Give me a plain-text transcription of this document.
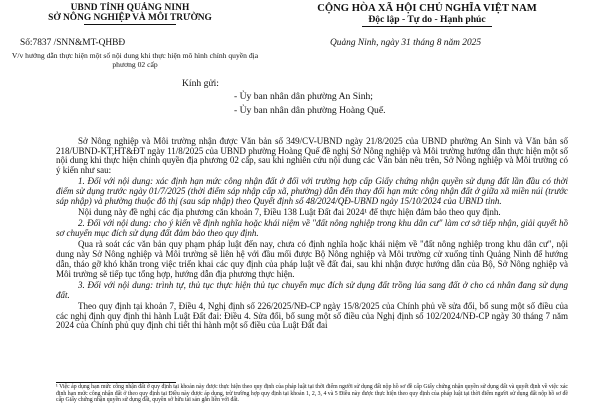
UBND TỈNH QUẢNG NINH
SỞ NÔNG NGHIỆP VÀ MÔI TRƯỜNG
CỘNG HÒA XÃ HỘI CHỦ NGHĨA VIỆT NAM
Độc lập - Tự do - Hạnh phúc
Số:7837 /SNN&MT-QHBĐ
V/v hướng dẫn thực hiện một số nội dung khi thực hiện mô hình chính quyền địa phương 02 cấp
Quảng Ninh, ngày 31 tháng 8 năm 2025
Kính gửi:
- Ủy ban nhân dân phường An Sinh;
- Ủy ban nhân dân phường Hoàng Quế.

Sở Nông nghiệp và Môi trường nhận được Văn bản số 349/CV-UBND ngày 21/8/2025 của UBND phường An Sinh và Văn bản số 218/UBND-KT,HT&ĐT ngày 11/8/2025 của UBND phường Hoàng Quế đề nghị Sở Nông nghiệp và Môi trường hướng dẫn thực hiện một số nội dung khi thực hiện chính quyền địa phương 02 cấp, sau khi nghiên cứu nội dung các Văn bản nêu trên, Sở Nông nghiệp và Môi trường có ý kiến như sau:

1. Đối với nội dung: xác định hạn mức công nhận đất ở đối với trường hợp cấp Giấy chứng nhận quyền sử dụng đất lần đầu có thời điểm sử dụng trước ngày 01/7/2025 (thời điểm sáp nhập cấp xã, phường) dẫn đến thay đổi hạn mức công nhận đất ở giữa xã miền núi (trước sáp nhập) và phường thuộc đô thị (sau sáp nhập) theo Quyết định số 48/2024/QĐ-UBND ngày 15/10/2024 của UBND tỉnh.

Nội dung này đề nghị các địa phương căn khoản 7, Điều 138 Luật Đất đai 2024¹ để thực hiện đảm bảo theo quy định.

2. Đối với nội dung: cho ý kiến về định nghĩa hoặc khái niệm về "đất nông nghiệp trong khu dân cư" làm cơ sở tiếp nhận, giải quyết hồ sơ chuyển mục đích sử dụng đất đảm bảo theo quy định.

Qua rà soát các văn bản quy phạm pháp luật đến nay, chưa có định nghĩa hoặc khái niệm về "đất nông nghiệp trong khu dân cư", nội dung này Sở Nông nghiệp và Môi trường sẽ liên hệ với đầu mối được Bộ Nông nghiệp và Môi trường cử xuống tỉnh Quảng Ninh để hướng dẫn, tháo gỡ khó khăn trong việc triển khai các quy định của pháp luật về đất đai, sau khi nhận được hướng dẫn của Bộ, Sở Nông nghiệp và Môi trường sẽ tiếp tục tổng hợp, hướng dẫn địa phương thực hiện.

3. Đối với nội dung: trình tự, thủ tục thực hiện thủ tục chuyển mục đích sử dụng đất trồng lúa sang đất ở cho cá nhân đang sử dụng đất.

Theo quy định tại khoản 7, Điều 4, Nghị định số 226/2025/NĐ-CP ngày 15/8/2025 của Chính phủ về sửa đổi, bổ sung một số điều của các nghị định quy định thi hành Luật Đất đai: Điều 4. Sửa đổi, bổ sung một số điều của Nghị định số 102/2024/NĐ-CP ngày 30 tháng 7 năm 2024 của Chính phủ quy định chi tiết thi hành một số điều của Luật Đất đai

¹ Việc áp dụng hạn mức công nhận đất ở quy định tại khoản này được thực hiện theo quy định của pháp luật tại thời điểm người sử dụng đất nộp hồ sơ đề cấp Giấy chứng nhận quyền sử dụng đất và quyết định về việc xác định hạn mức công nhận đất ở theo quy định tại Điều này được áp dụng, trừ trường hợp quy định tại khoản 1, 2, 3, 4 và 5 Điều này được thực hiện theo quy định của pháp luật tại thời điểm người sử dụng đất nộp hồ sơ đề cấp Giấy chứng nhận quyền sử dụng đất, quyền sở hữu tài sản gắn liền với đất.
